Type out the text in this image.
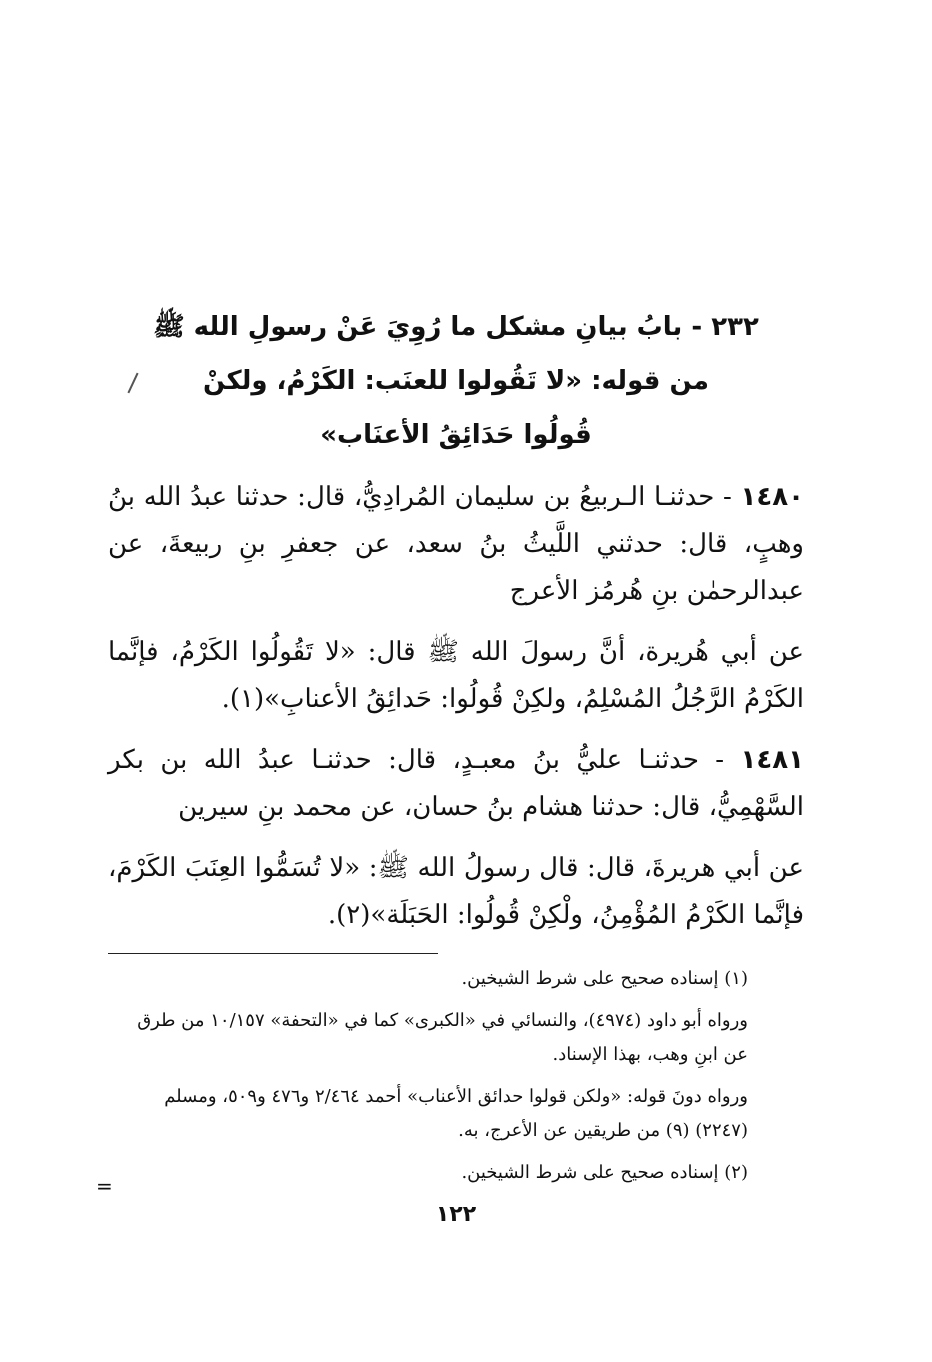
٢٣٢ - بابُ بيانِ مشكل ما رُوِيَ عَنْ رسولِ الله ﷺ
من قوله: «لا تَقُولوا للعنَب: الكَرْمُ، ولكنْ
قُولُوا حَدَائِقُ الأعنَاب»

١٤٨٠ - حدثنـا الـربيعُ بن سليمان المُرادِيُّ، قال: حدثنا عبدُ الله بنُ وهبٍ، قال: حدثني اللَّيثُ بنُ سعد، عن جعفرِ بنِ ربيعةَ، عن عبدالرحمٰن بنِ هُرمُز الأعرج

عن أبي هُريرة، أنَّ رسولَ الله ﷺ قال: «لا تَقُولُوا الكَرْمُ، فإنَّما الكَرْمُ الرَّجُلُ المُسْلِمُ، ولكِنْ قُولُوا: حَدائِقُ الأعنابِ»(١).

١٤٨١ - حدثنـا عليُّ بنُ معبـدٍ، قال: حدثنـا عبدُ الله بن بكر السَّهْمِيُّ، قال: حدثنا هشام بنُ حسان، عن محمد بنِ سيرين

عن أبي هريرةَ، قال: قال رسولُ الله ﷺ: «لا تُسَمُّوا العِنَبَ الكَرْمَ، فإنَّما الكَرْمُ المُؤْمِنُ، ولْكِنْ قُولُوا: الحَبَلَة»(٢).

(١) إسناده صحيح على شرط الشيخين.

ورواه أبو داود (٤٩٧٤)، والنسائي في «الكبرى» كما في «التحفة» ١٠/١٥٧ من طرق عن ابنِ وهب، بهذا الإسناد.

ورواه دونَ قوله: «ولكن قولوا حدائق الأعناب» أحمد ٢/٤٦٤ و٤٧٦ و٥٠٩، ومسلم (٢٢٤٧) (٩) من طريقين عن الأعرج، به.

(٢) إسناده صحيح على شرط الشيخين.

١٢٢
=
